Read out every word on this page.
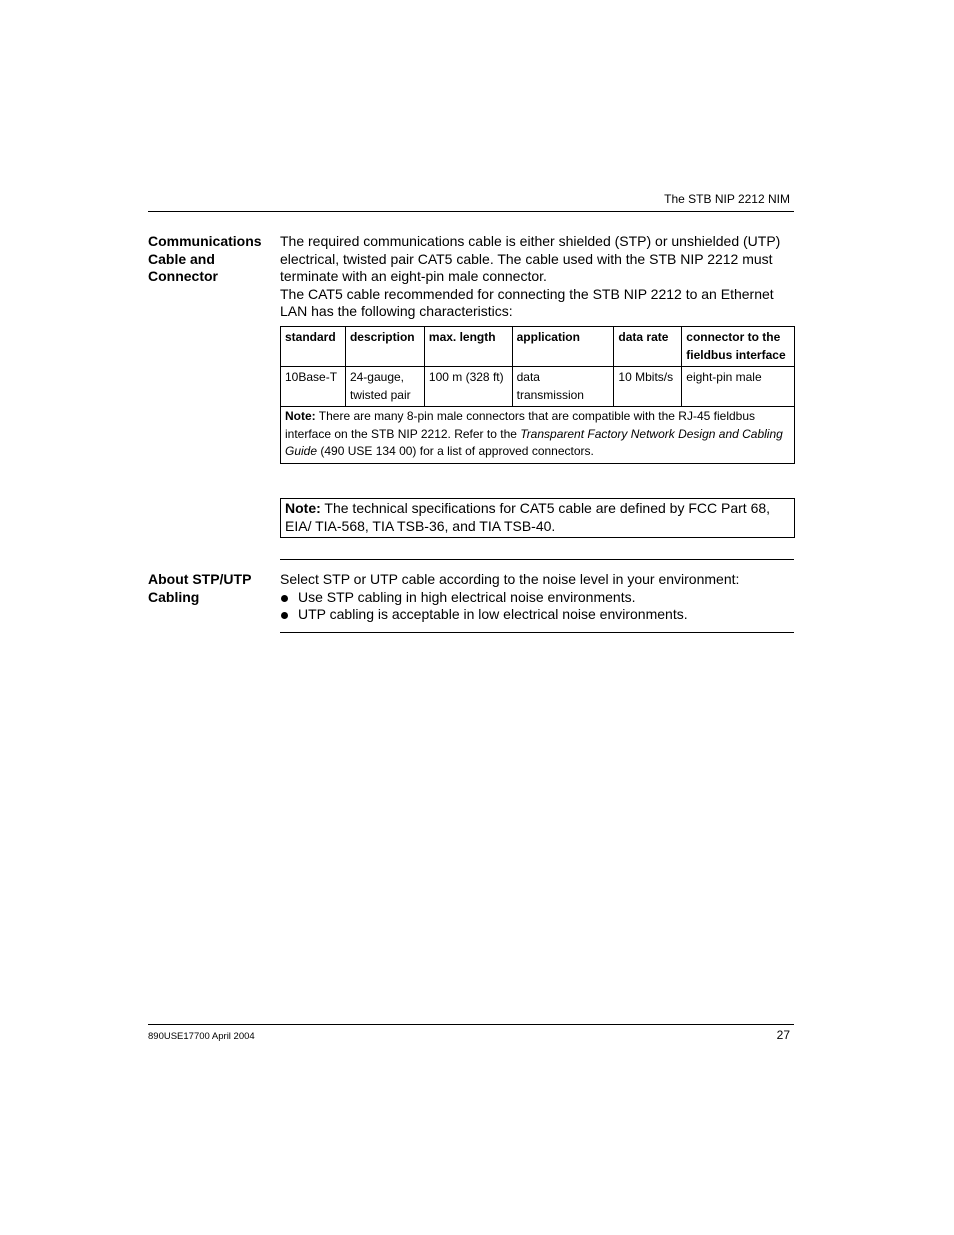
The STB NIP 2212 NIM
Communications Cable and Connector

The required communications cable is either shielded (STP) or unshielded (UTP) electrical, twisted pair CAT5 cable. The cable used with the STB NIP 2212 must terminate with an eight-pin male connector.

The CAT5 cable recommended for connecting the STB NIP 2212 to an Ethernet LAN has the following characteristics:

standard	description	max. length	application	data rate	connector to the fieldbus interface
10Base-T	24-gauge, twisted pair	100 m (328 ft)	data transmission	10 Mbits/s	eight-pin male
Note: There are many 8-pin male connectors that are compatible with the RJ-45 fieldbus interface on the STB NIP 2212. Refer to the Transparent Factory Network Design and Cabling Guide (490 USE 134 00) for a list of approved connectors.					
Note: The technical specifications for CAT5 cable are defined by FCC Part 68, EIA/ TIA-568, TIA TSB-36, and TIA TSB-40.
About STP/UTP Cabling

Select STP or UTP cable according to the noise level in your environment:

Use STP cabling in high electrical noise environments.
UTP cabling is acceptable in low electrical noise environments.
890USE17700 April 2004	27
